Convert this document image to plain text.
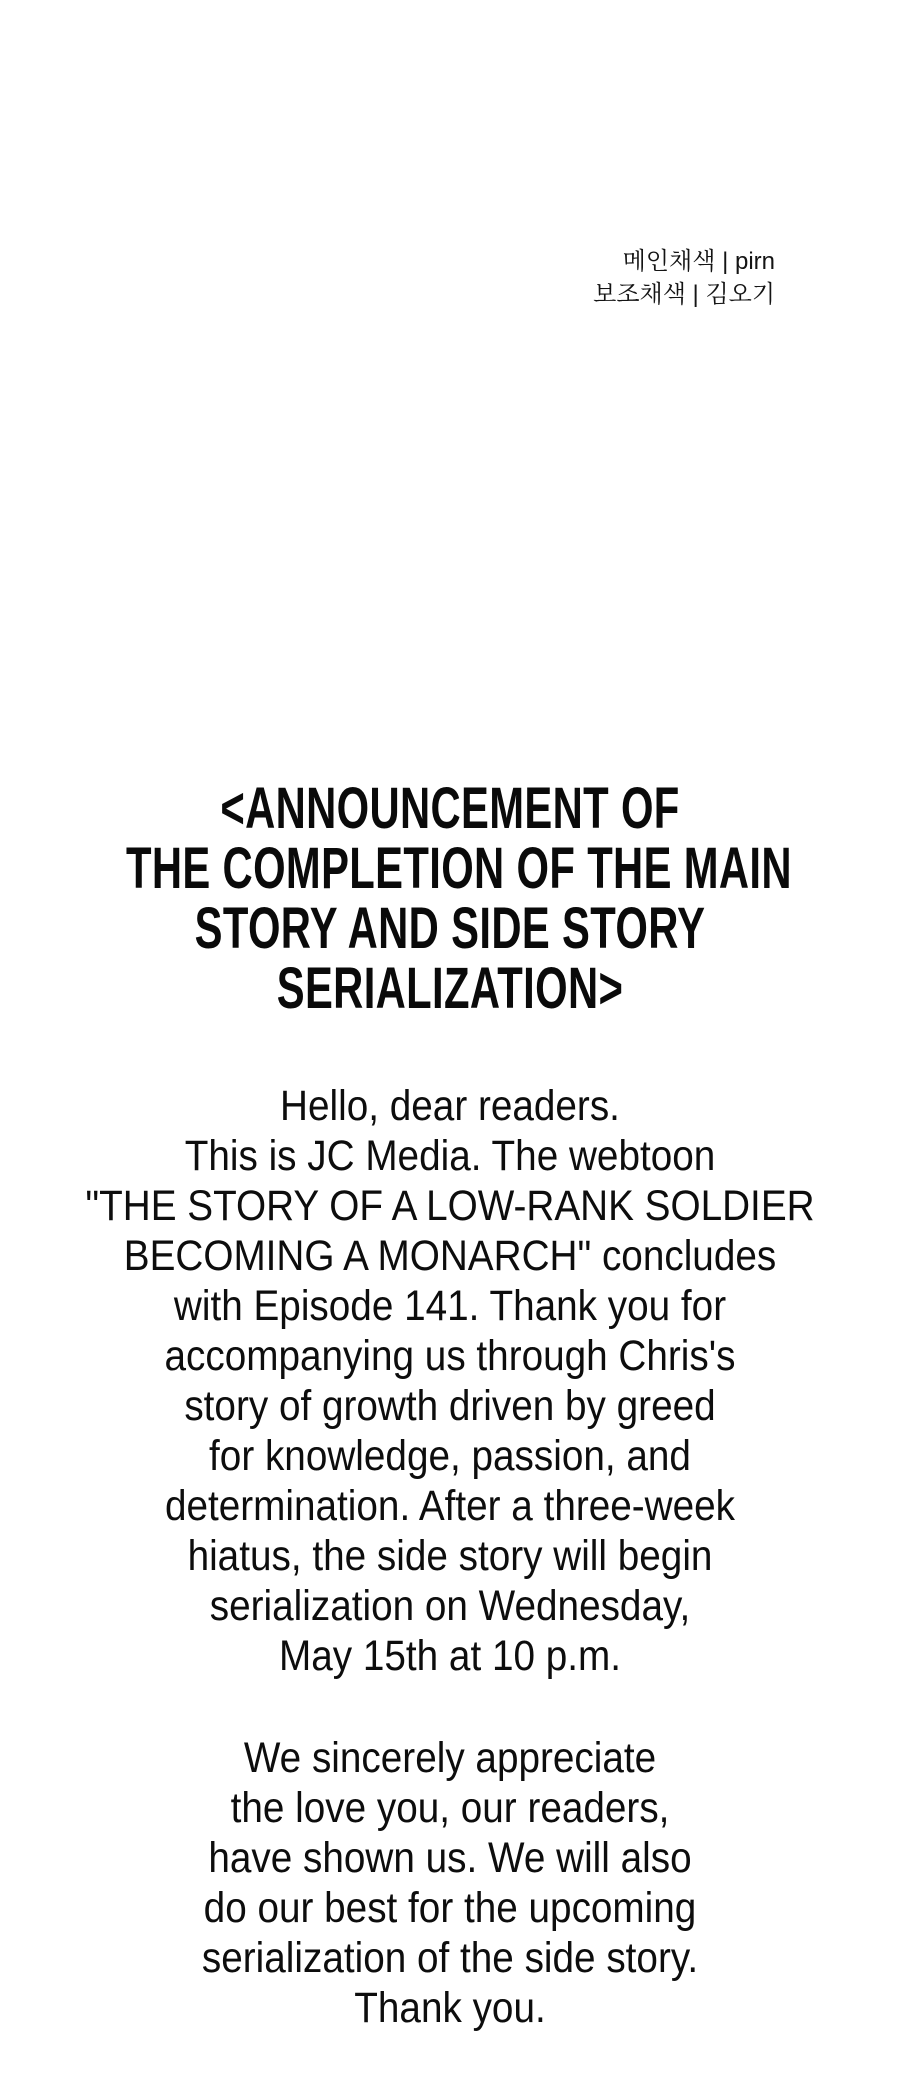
메인채색 | pirn
보조채색 | 김오기
<ANNOUNCEMENT OF
THE COMPLETION OF THE MAIN
STORY AND SIDE STORY
SERIALIZATION>
Hello, dear readers.
This is JC Media. The webtoon
"THE STORY OF A LOW-RANK SOLDIER
BECOMING A MONARCH" concludes
with Episode 141. Thank you for
accompanying us through Chris's
story of growth driven by greed
for knowledge, passion, and
determination. After a three-week
hiatus, the side story will begin
serialization on Wednesday,
May 15th at 10 p.m.
We sincerely appreciate
the love you, our readers,
have shown us. We will also
do our best for the upcoming
serialization of the side story.
Thank you.
